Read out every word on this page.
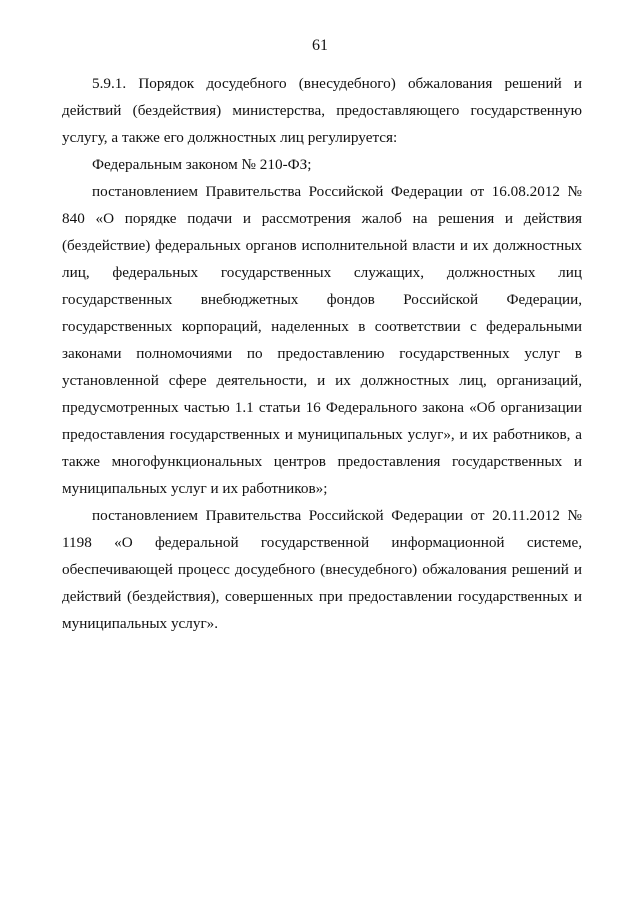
61

5.9.1. Порядок досудебного (внесудебного) обжалования решений и действий (бездействия) министерства, предоставляющего государственную услугу, а также его должностных лиц регулируется:

Федеральным законом № 210-ФЗ;

постановлением Правительства Российской Федерации от 16.08.2012 № 840 «О порядке подачи и рассмотрения жалоб на решения и действия (бездействие) федеральных органов исполнительной власти и их должностных лиц, федеральных государственных служащих, должностных лиц государственных внебюджетных фондов Российской Федерации, государственных корпораций, наделенных в соответствии с федеральными законами полномочиями по предоставлению государственных услуг в установленной сфере деятельности, и их должностных лиц, организаций, предусмотренных частью 1.1 статьи 16 Федерального закона «Об организации предоставления государственных и муниципальных услуг», и их работников, а также многофункциональных центров предоставления государственных и муниципальных услуг и их работников»;

постановлением Правительства Российской Федерации от 20.11.2012 № 1198 «О федеральной государственной информационной системе, обеспечивающей процесс досудебного (внесудебного) обжалования решений и действий (бездействия), совершенных при предоставлении государственных и муниципальных услуг».
